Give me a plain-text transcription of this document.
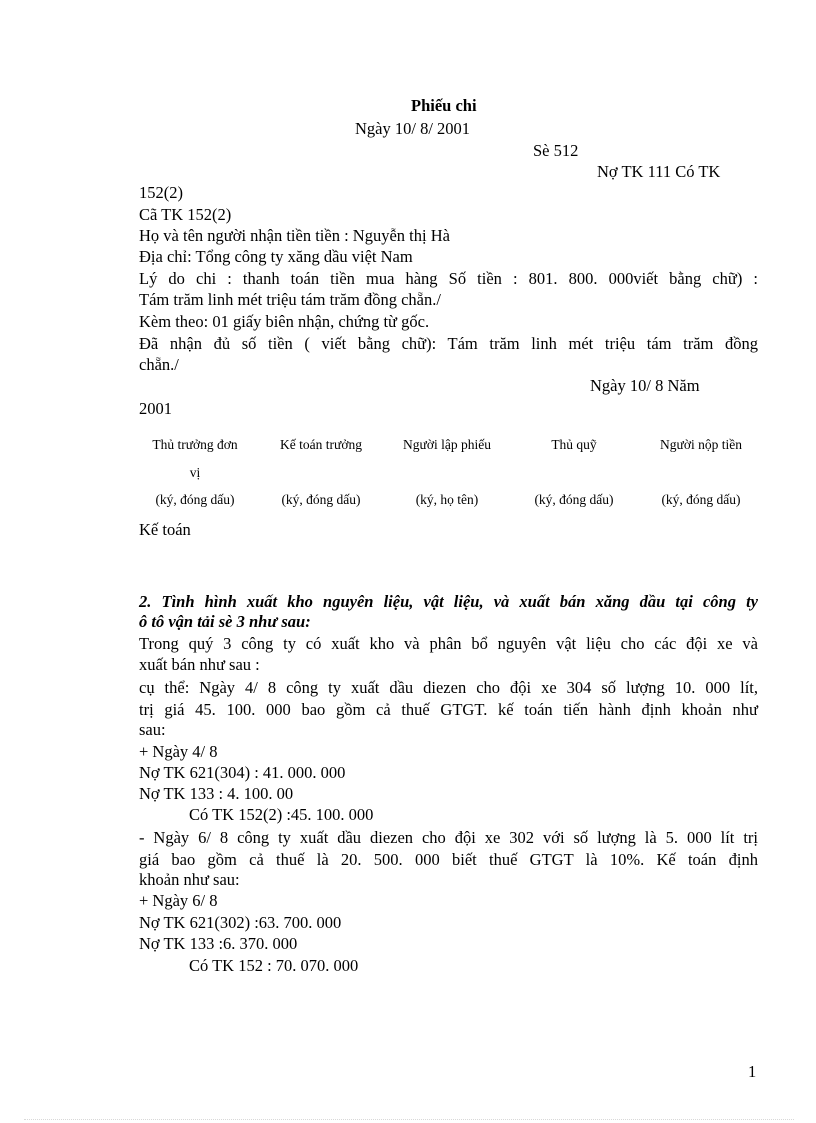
Phiếu chi
Ngày 10/ 8/ 2001
Sè 512
Nợ TK 111 Có TK
152(2)
Cã TK 152(2)
Họ và tên người nhận tiền tiền : Nguyễn thị Hà
Địa chỉ: Tổng công ty xăng dầu việt Nam
Lý do chi : thanh toán tiền mua hàng Số tiền : 801. 800. 000viết bằng chữ) :
Tám trăm linh mét triệu tám trăm đồng chẵn./
Kèm theo: 01 giấy biên nhận, chứng từ gốc.
Đã nhận đủ số tiền ( viết bằng chữ): Tám trăm linh mét triệu tám trăm đồng
chẵn./
Ngày 10/ 8 Năm
2001
Thủ trưởng đơn
vị
(ký, đóng dấu)
Kế toán trưởng
(ký, đóng dấu)
Người lập phiếu
(ký, họ tên)
Thủ quỹ
(ký, đóng dấu)
Người nộp tiền
(ký, đóng dấu)
Kế toán
2. Tình hình xuất kho nguyên liệu, vật liệu, và xuất bán xăng dầu tại công ty
ô tô vận tải sè 3 như sau:
Trong quý 3 công ty có xuất kho và phân bổ nguyên vật liệu cho các đội xe và
xuất bán như sau :
cụ thể: Ngày 4/ 8 công ty xuất dầu diezen cho đội xe 304 số lượng 10. 000 lít,
trị giá 45. 100. 000 bao gồm cả thuế GTGT. kế toán tiến hành định khoản như
sau:
+ Ngày 4/ 8
Nợ TK 621(304) : 41. 000. 000
Nợ TK 133 : 4. 100. 00
Có TK 152(2) :45. 100. 000
- Ngày 6/ 8 công ty xuất dầu diezen cho đội xe 302 với số lượng là 5. 000 lít trị
giá bao gồm cả thuế là 20. 500. 000 biết thuế GTGT là 10%. Kế toán định
khoản như sau:
+ Ngày 6/ 8
Nợ TK 621(302) :63. 700. 000
Nợ TK 133 :6. 370. 000
Có TK 152 : 70. 070. 000
1
